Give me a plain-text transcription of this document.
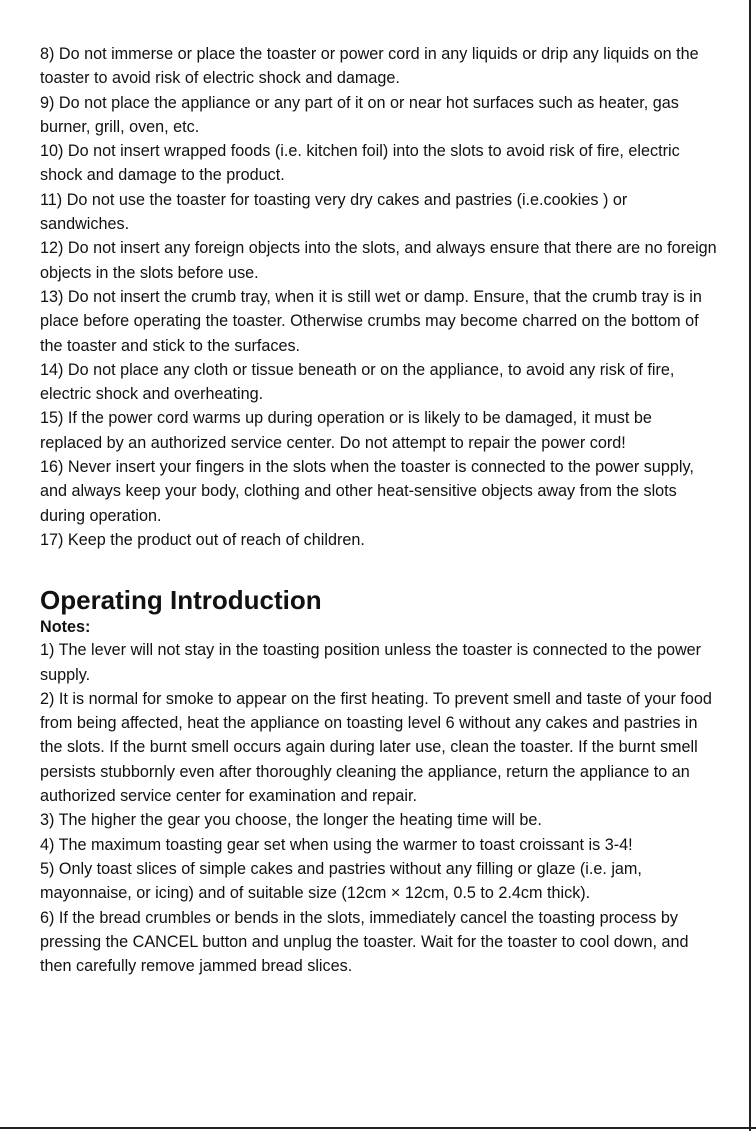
8) Do not immerse or place the toaster or power cord in any liquids or drip any liquids on the toaster to avoid risk of electric shock and damage.

9) Do not place the appliance or any part of it on or near hot surfaces such as heater, gas burner, grill, oven, etc.

10) Do not insert wrapped foods (i.e. kitchen foil) into the slots to avoid risk of fire, electric shock and damage to the product.

11) Do not use the toaster for toasting very dry cakes and pastries (i.e.cookies ) or sandwiches.

12) Do not insert any foreign objects into the slots, and always ensure that there are no foreign objects in the slots before use.

13) Do not insert the crumb tray, when it is still wet or damp. Ensure, that the crumb tray is in place before operating the toaster. Otherwise crumbs may become charred on the bottom of the toaster and stick to the surfaces.

14) Do not place any cloth or tissue beneath or on the appliance, to avoid any risk of fire, electric shock and overheating.

15) If the power cord warms up during operation or is likely to be damaged, it must be replaced by an authorized service center. Do not attempt to repair the power cord!

16) Never insert your fingers in the slots when the toaster is connected to the power supply, and always keep your body, clothing and other heat-sensitive objects away from the slots during operation.

17) Keep the product out of reach of children.

Operating Introduction

Notes:

1) The lever will not stay in the toasting position unless the toaster is connected to the power supply.

2) It is normal for smoke to appear on the first heating. To prevent smell and taste of your food from being affected, heat the appliance on toasting level 6 without any cakes and pastries in the slots. If the burnt smell occurs again during later use, clean the toaster. If the burnt smell persists stubbornly even after thoroughly cleaning the appliance, return the appliance to an authorized service center for examination and repair.

3) The higher the gear you choose, the longer the heating time will be.

4) The maximum toasting gear set when using the warmer to toast croissant is 3-4!

5) Only toast slices of simple cakes and pastries without any filling or glaze (i.e. jam, mayonnaise, or icing) and of suitable size (12cm × 12cm, 0.5 to 2.4cm thick).

6) If the bread crumbles or bends in the slots, immediately cancel the toasting process by pressing the CANCEL button and unplug the toaster. Wait for the toaster to cool down, and then carefully remove jammed bread slices.
